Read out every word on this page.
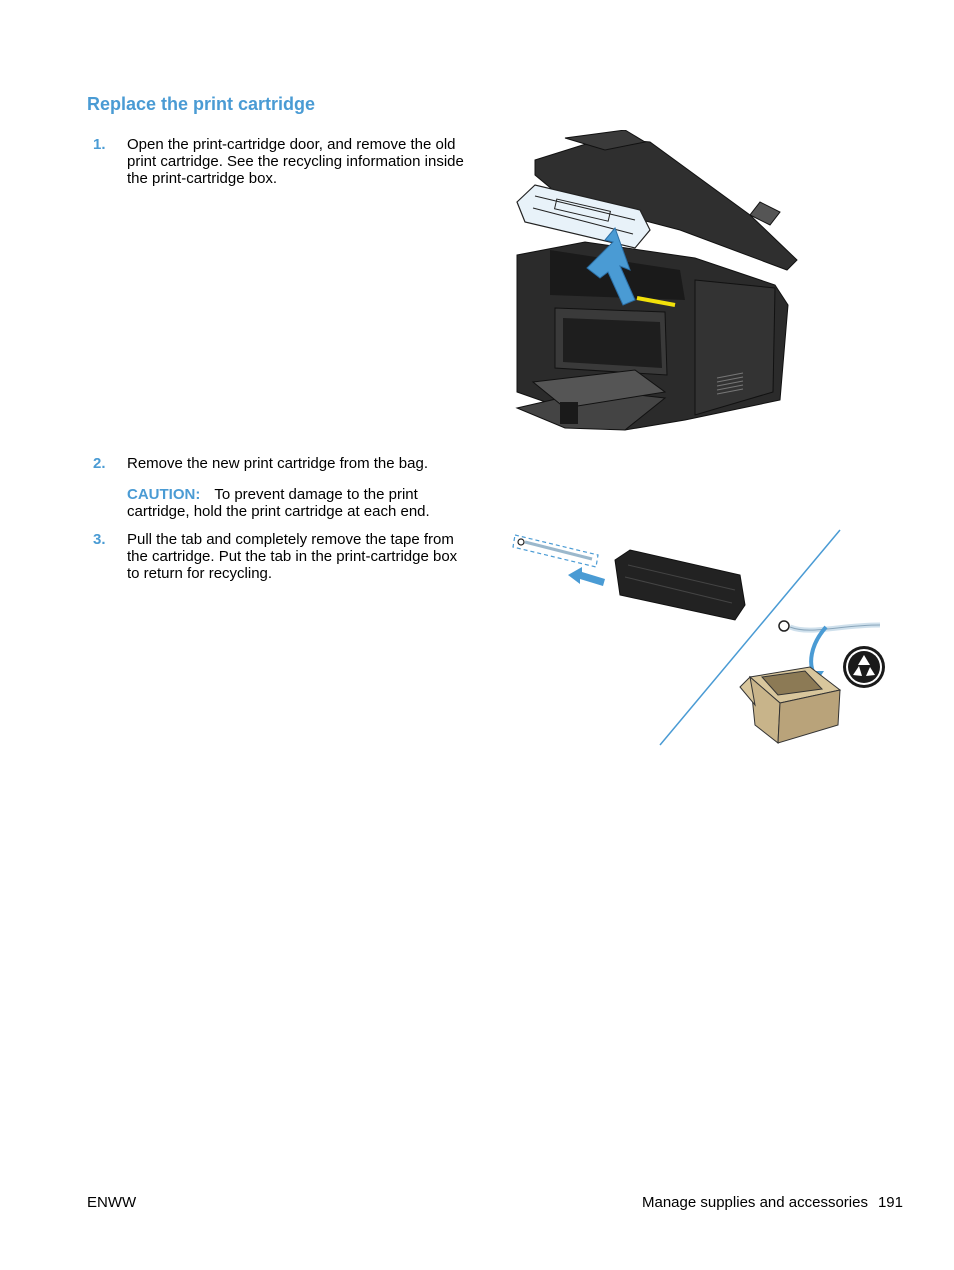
Replace the print cartridge
1. Open the print-cartridge door, and remove the old print cartridge. See the recycling information inside the print-cartridge box.
2. Remove the new print cartridge from the bag.
CAUTION: To prevent damage to the print cartridge, hold the print cartridge at each end.
3. Pull the tab and completely remove the tape from the cartridge. Put the tab in the print-cartridge box to return for recycling.
ENWW	Manage supplies and accessories 191
